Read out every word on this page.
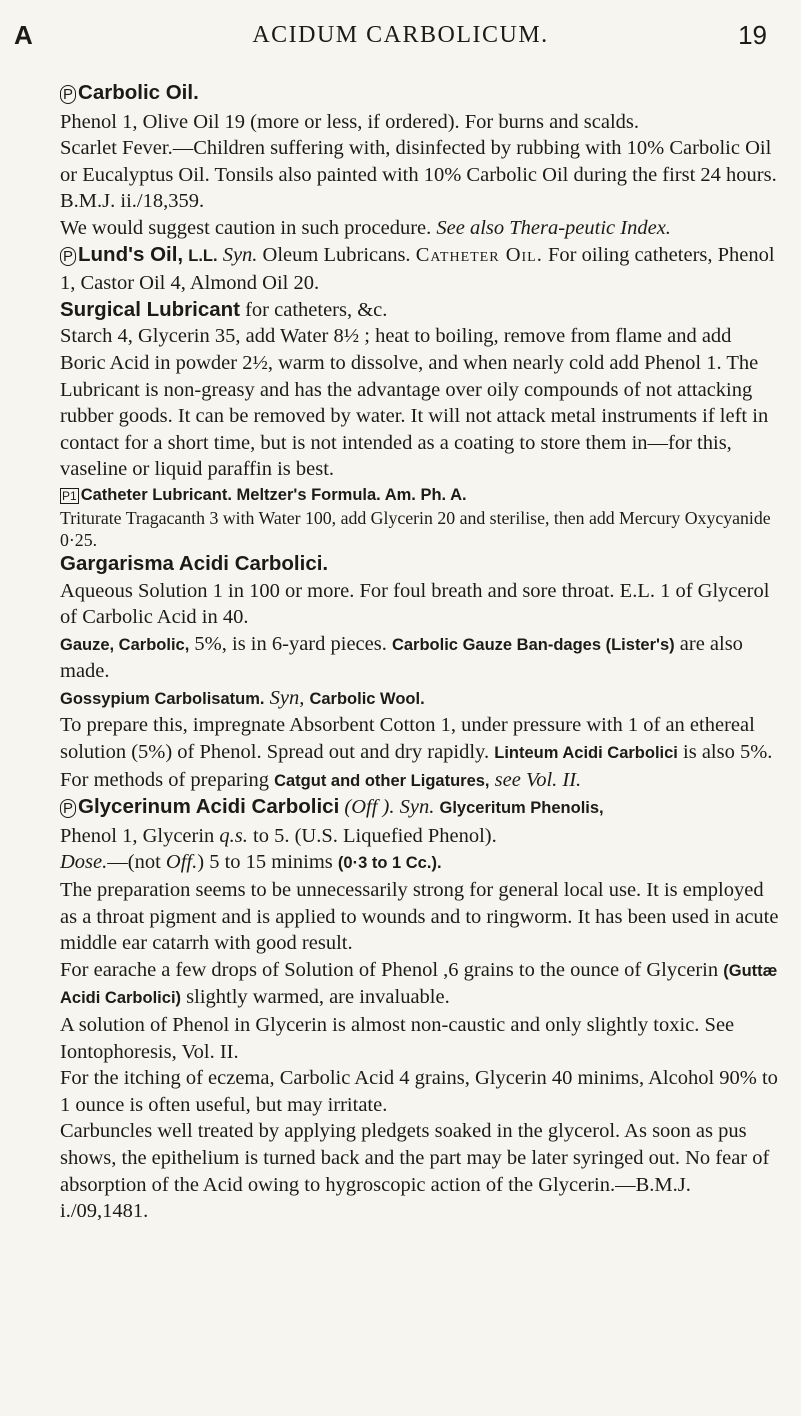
A	ACIDUM CARBOLICUM.	19

P Carbolic Oil.
Phenol 1, Olive Oil 19 (more or less, if ordered). For burns and scalds.

Scarlet Fever.—Children suffering with, disinfected by rubbing with 10% Carbolic Oil or Eucalyptus Oil. Tonsils also painted with 10% Carbolic Oil during the first 24 hours. B.M.J. ii./18,359.

We would suggest caution in such procedure. See also Thera-peutic Index.

P Lund's Oil, L.L. Syn. Oleum Lubricans. Catheter Oil. For oiling catheters, Phenol 1, Castor Oil 4, Almond Oil 20.

Surgical Lubricant for catheters, &c.

Starch 4, Glycerin 35, add Water 8½ ; heat to boiling, remove from flame and add Boric Acid in powder 2½, warm to dissolve, and when nearly cold add Phenol 1. The Lubricant is non-greasy and has the advantage over oily compounds of not attacking rubber goods. It can be removed by water. It will not attack metal instruments if left in contact for a short time, but is not intended as a coating to store them in—for this, vaseline or liquid paraffin is best.

P1 Catheter Lubricant. Meltzer's Formula. Am. Ph. A.
Triturate Tragacanth 3 with Water 100, add Glycerin 20 and sterilise, then add Mercury Oxycyanide 0·25.

Gargarisma Acidi Carbolici.

Aqueous Solution 1 in 100 or more. For foul breath and sore throat. E.L. 1 of Glycerol of Carbolic Acid in 40.

Gauze, Carbolic, 5%, is in 6-yard pieces. Carbolic Gauze Ban-dages (Lister's) are also made.

Gossypium Carbolisatum. Syn, Carbolic Wool.

To prepare this, impregnate Absorbent Cotton 1, under pressure with 1 of an ethereal solution (5%) of Phenol. Spread out and dry rapidly. Linteum Acidi Carbolici is also 5%.

For methods of preparing Catgut and other Ligatures, see Vol. II.

P Glycerinum Acidi Carbolici (Off ). Syn. Glyceritum Phenolis,
Phenol 1, Glycerin q.s. to 5. (U.S. Liquefied Phenol).

Dose.—(not Off.) 5 to 15 minims (0·3 to 1 Cc.).

The preparation seems to be unnecessarily strong for general local use. It is employed as a throat pigment and is applied to wounds and to ringworm. It has been used in acute middle ear catarrh with good result.

For earache a few drops of Solution of Phenol ,6 grains to the ounce of Glycerin (Guttæ Acidi Carbolici) slightly warmed, are invaluable.

A solution of Phenol in Glycerin is almost non-caustic and only slightly toxic. See Iontophoresis, Vol. II.

For the itching of eczema, Carbolic Acid 4 grains, Glycerin 40 minims, Alcohol 90% to 1 ounce is often useful, but may irritate.

Carbuncles well treated by applying pledgets soaked in the glycerol. As soon as pus shows, the epithelium is turned back and the part may be later syringed out. No fear of absorption of the Acid owing to hygroscopic action of the Glycerin.—B.M.J. i./09,1481.
